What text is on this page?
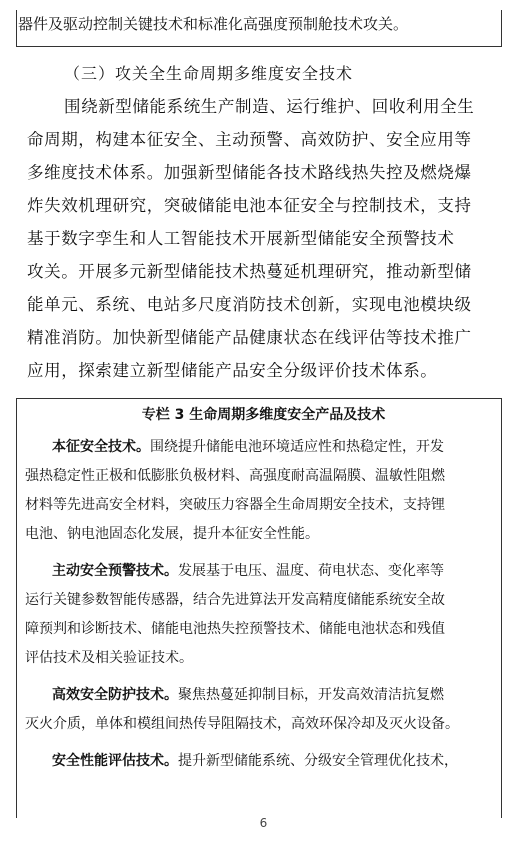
器件及驱动控制关键技术和标准化高强度预制舱技术攻关。
（三）攻关全生命周期多维度安全技术
围绕新型储能系统生产制造、运行维护、回收利用全生
命周期，构建本征安全、主动预警、高效防护、安全应用等
多维度技术体系。加强新型储能各技术路线热失控及燃烧爆
炸失效机理研究，突破储能电池本征安全与控制技术，支持
基于数字孪生和人工智能技术开展新型储能安全预警技术
攻关。开展多元新型储能技术热蔓延机理研究，推动新型储
能单元、系统、电站多尺度消防技术创新，实现电池模块级
精准消防。加快新型储能产品健康状态在线评估等技术推广
应用，探索建立新型储能产品安全分级评价技术体系。
专栏 3 生命周期多维度安全产品及技术
本征安全技术。围绕提升储能电池环境适应性和热稳定性，开发
强热稳定性正极和低膨胀负极材料、高强度耐高温隔膜、温敏性阻燃
材料等先进高安全材料，突破压力容器全生命周期安全技术，支持锂
电池、钠电池固态化发展，提升本征安全性能。
主动安全预警技术。发展基于电压、温度、荷电状态、变化率等
运行关键参数智能传感器，结合先进算法开发高精度储能系统安全故
障预判和诊断技术、储能电池热失控预警技术、储能电池状态和残值
评估技术及相关验证技术。
高效安全防护技术。聚焦热蔓延抑制目标，开发高效清洁抗复燃
灭火介质，单体和模组间热传导阻隔技术，高效环保冷却及灭火设备。
安全性能评估技术。提升新型储能系统、分级安全管理优化技术，
6
